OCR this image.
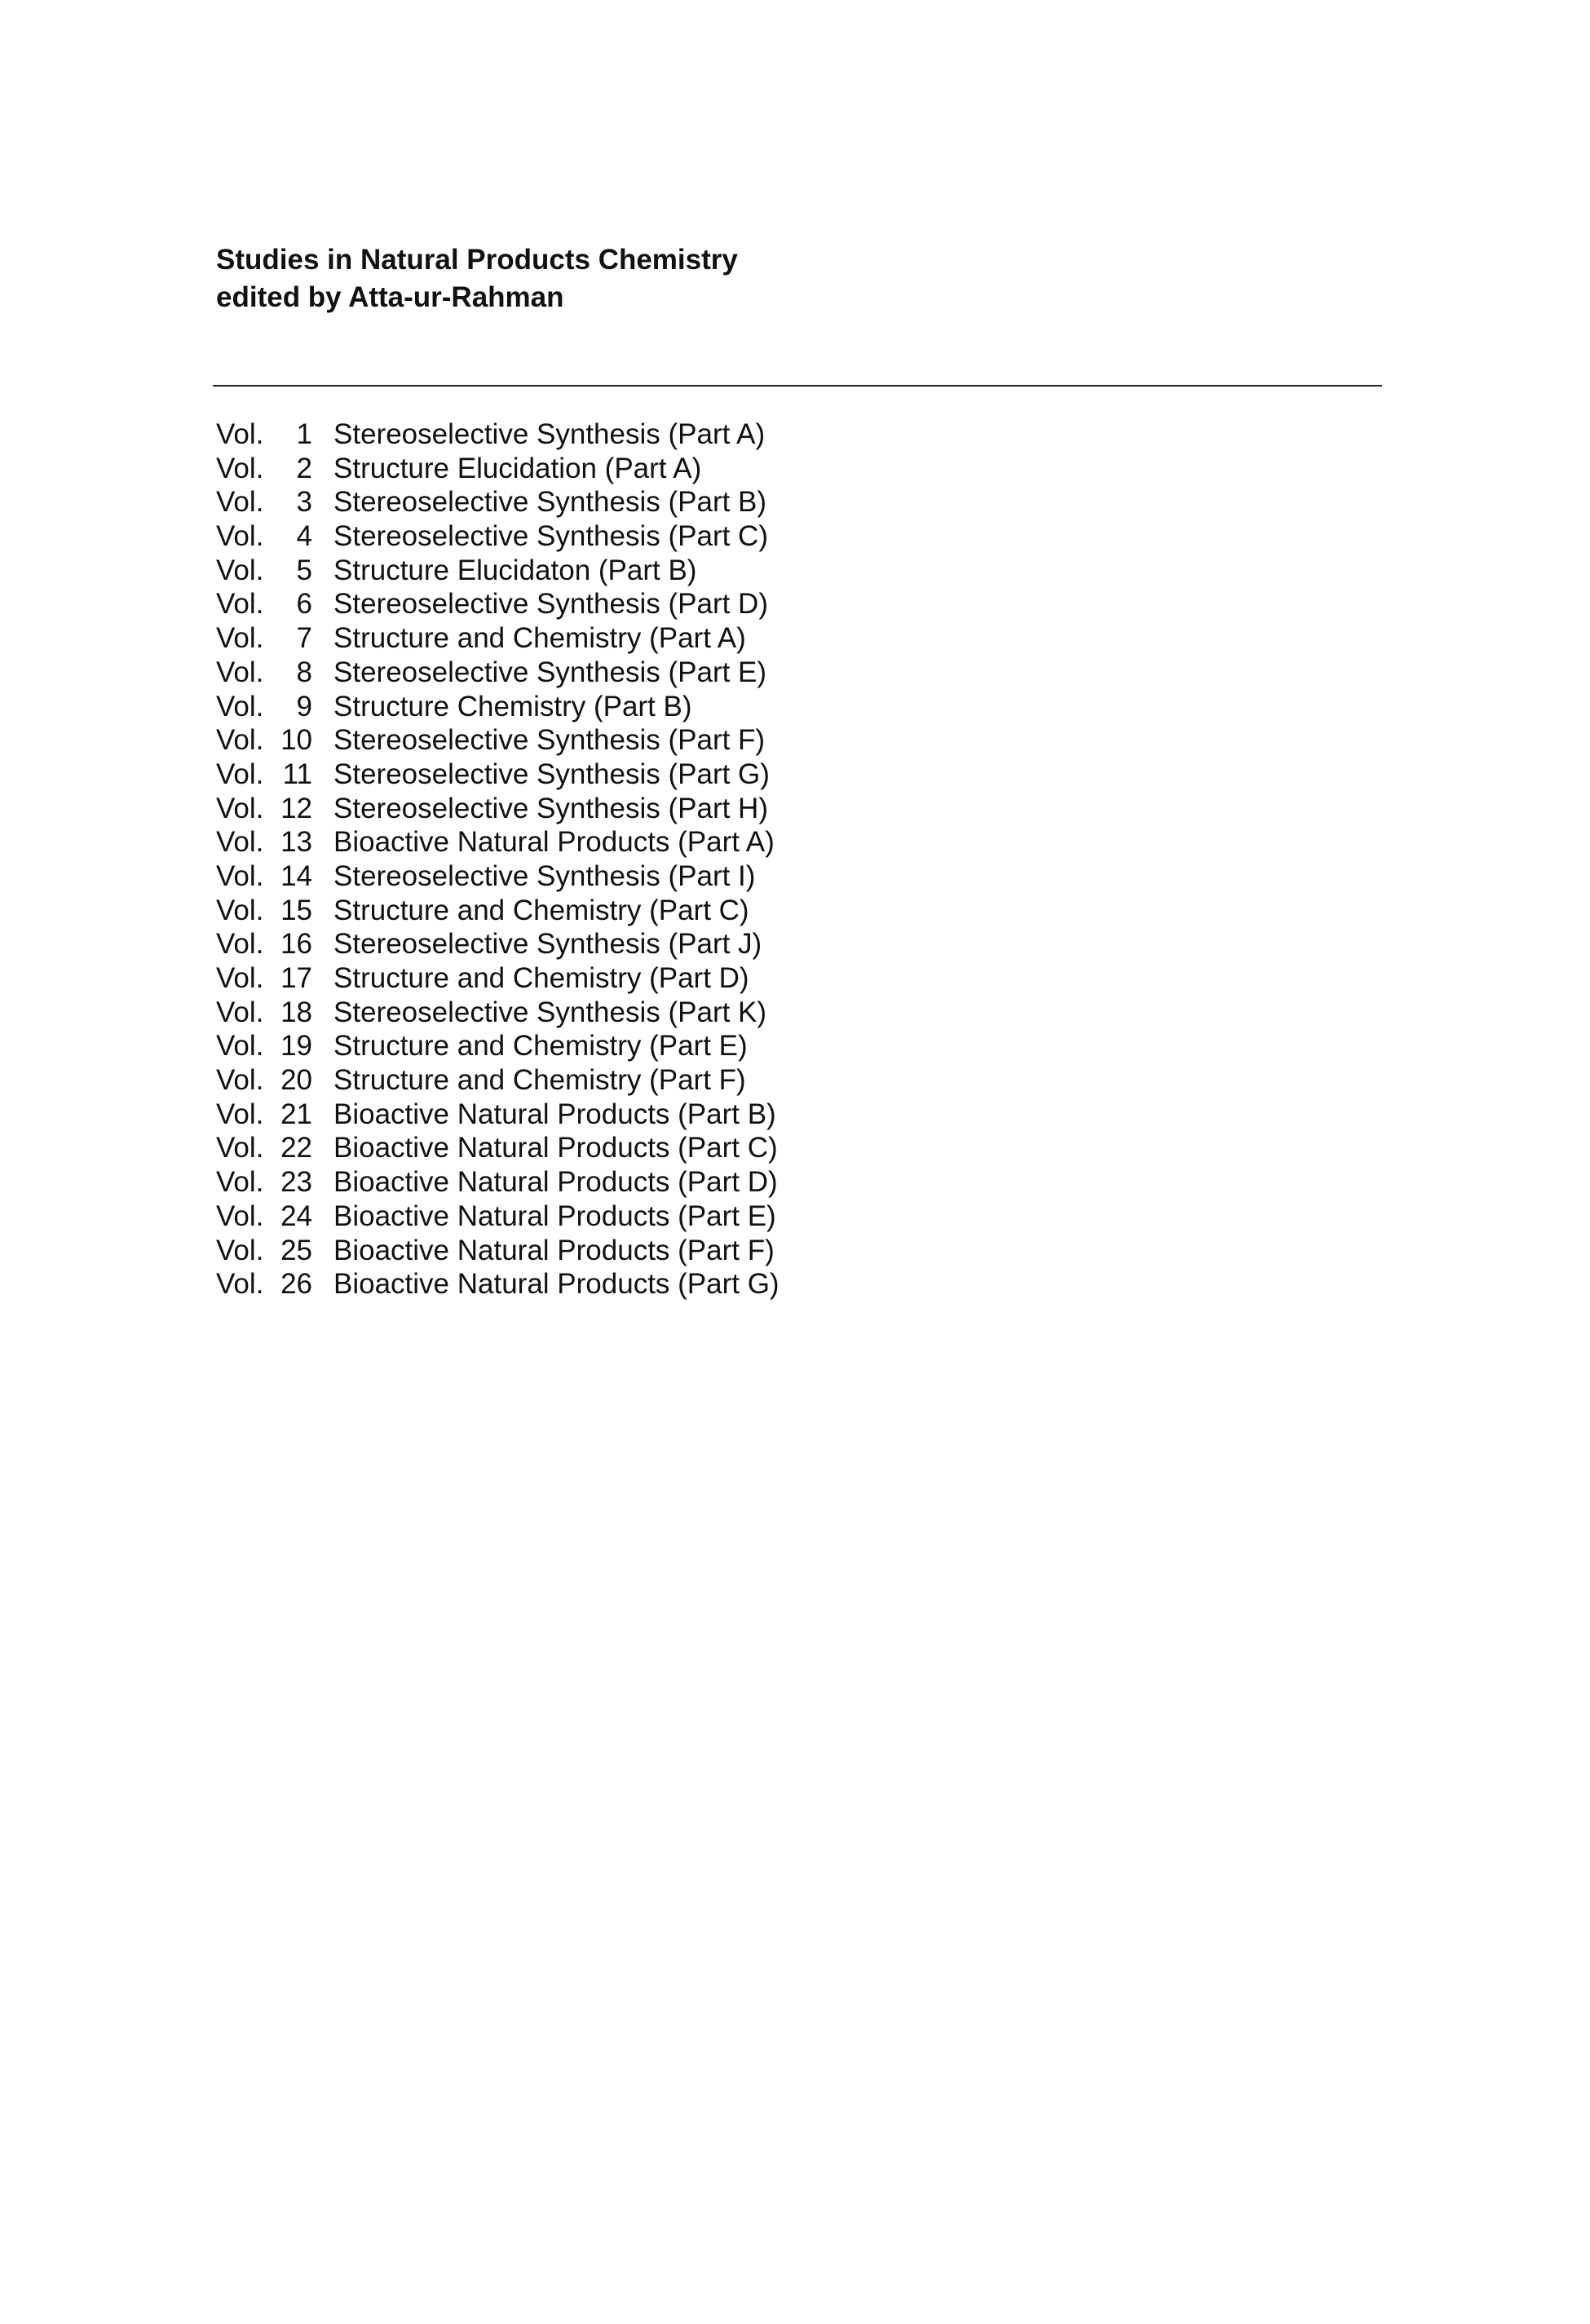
Studies in Natural Products Chemistry
edited by Atta-ur-Rahman
Vol.	1 Stereoselective Synthesis (Part A)
Vol.	2 Structure Elucidation (Part A)
Vol.	3 Stereoselective Synthesis (Part B)
Vol.	4 Stereoselective Synthesis (Part C)
Vol.	5 Structure Elucidaton (Part B)
Vol.	6 Stereoselective Synthesis (Part D)
Vol.	7 Structure and Chemistry (Part A)
Vol.	8 Stereoselective Synthesis (Part E)
Vol.	9 Structure Chemistry (Part B)
Vol. 10 Stereoselective Synthesis (Part F)
Vol. 11 Stereoselective Synthesis (Part G)
Vol. 12 Stereoselective Synthesis (Part H)
Vol. 13 Bioactive Natural Products (Part A)
Vol. 14 Stereoselective Synthesis (Part I)
Vol. 15 Structure and Chemistry (Part C)
Vol. 16 Stereoselective Synthesis (Part J)
Vol. 17 Structure and Chemistry (Part D)
Vol. 18 Stereoselective Synthesis (Part K)
Vol. 19 Structure and Chemistry (Part E)
Vol. 20 Structure and Chemistry (Part F)
Vol. 21 Bioactive Natural Products (Part B)
Vol. 22 Bioactive Natural Products (Part C)
Vol. 23 Bioactive Natural Products (Part D)
Vol. 24 Bioactive Natural Products (Part E)
Vol. 25 Bioactive Natural Products (Part F)
Vol. 26 Bioactive Natural Products (Part G)
